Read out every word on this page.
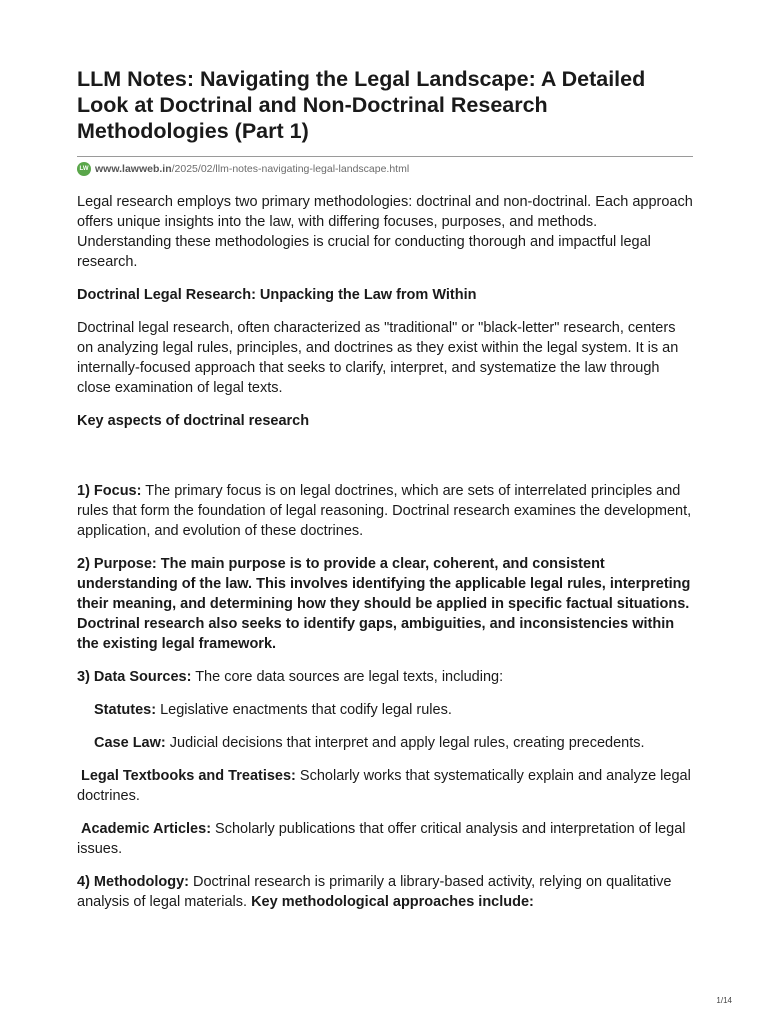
LLM Notes: Navigating the Legal Landscape: A Detailed Look at Doctrinal and Non-Doctrinal Research Methodologies (Part 1)
LW www.lawweb.in/2025/02/llm-notes-navigating-legal-landscape.html

Legal research employs two primary methodologies: doctrinal and non-doctrinal. Each approach offers unique insights into the law, with differing focuses, purposes, and methods. Understanding these methodologies is crucial for conducting thorough and impactful legal research.

Doctrinal Legal Research: Unpacking the Law from Within

Doctrinal legal research, often characterized as "traditional" or "black-letter" research, centers on analyzing legal rules, principles, and doctrines as they exist within the legal system. It is an internally-focused approach that seeks to clarify, interpret, and systematize the law through close examination of legal texts.

Key aspects of doctrinal research

1) Focus: The primary focus is on legal doctrines, which are sets of interrelated principles and rules that form the foundation of legal reasoning. Doctrinal research examines the development, application, and evolution of these doctrines.

2) Purpose: The main purpose is to provide a clear, coherent, and consistent understanding of the law. This involves identifying the applicable legal rules, interpreting their meaning, and determining how they should be applied in specific factual situations. Doctrinal research also seeks to identify gaps, ambiguities, and inconsistencies within the existing legal framework.

3) Data Sources: The core data sources are legal texts, including:

Statutes: Legislative enactments that codify legal rules.

Case Law: Judicial decisions that interpret and apply legal rules, creating precedents.

Legal Textbooks and Treatises: Scholarly works that systematically explain and analyze legal doctrines.

Academic Articles: Scholarly publications that offer critical analysis and interpretation of legal issues.

4) Methodology: Doctrinal research is primarily a library-based activity, relying on qualitative analysis of legal materials. Key methodological approaches include:

1/14
